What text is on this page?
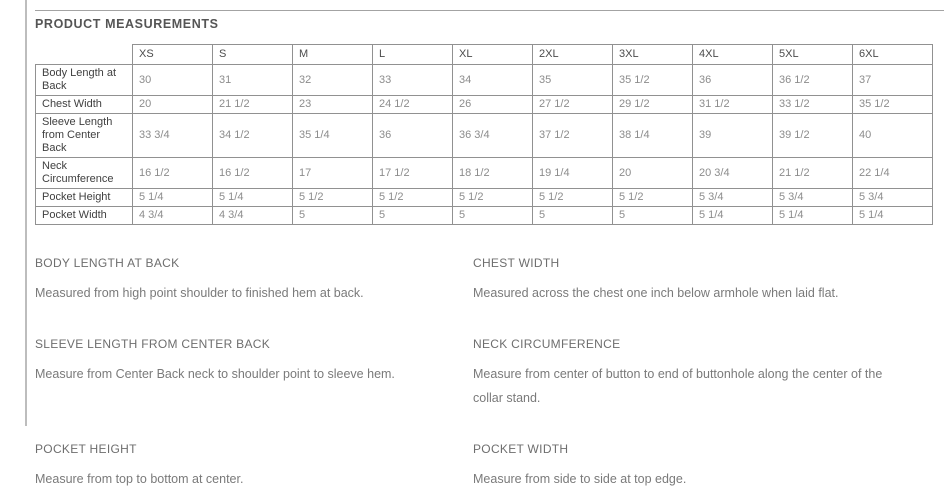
PRODUCT MEASUREMENTS
	XS	S	M	L	XL	2XL	3XL	4XL	5XL	6XL
Body Length at Back	30	31	32	33	34	35	35 1/2	36	36 1/2	37
Chest Width	20	21 1/2	23	24 1/2	26	27 1/2	29 1/2	31 1/2	33 1/2	35 1/2
Sleeve Length from Center Back	33 3/4	34 1/2	35 1/4	36	36 3/4	37 1/2	38 1/4	39	39 1/2	40
Neck Circumference	16 1/2	16 1/2	17	17 1/2	18 1/2	19 1/4	20	20 3/4	21 1/2	22 1/4
Pocket Height	5 1/4	5 1/4	5 1/2	5 1/2	5 1/2	5 1/2	5 1/2	5 3/4	5 3/4	5 3/4
Pocket Width	4 3/4	4 3/4	5	5	5	5	5	5 1/4	5 1/4	5 1/4
BODY LENGTH AT BACK

Measured from high point shoulder to finished hem at back.

CHEST WIDTH

Measured across the chest one inch below armhole when laid flat.

SLEEVE LENGTH FROM CENTER BACK

Measure from Center Back neck to shoulder point to sleeve hem.

NECK CIRCUMFERENCE

Measure from center of button to end of buttonhole along the center of the collar stand.

POCKET HEIGHT

Measure from top to bottom at center.

POCKET WIDTH

Measure from side to side at top edge.
